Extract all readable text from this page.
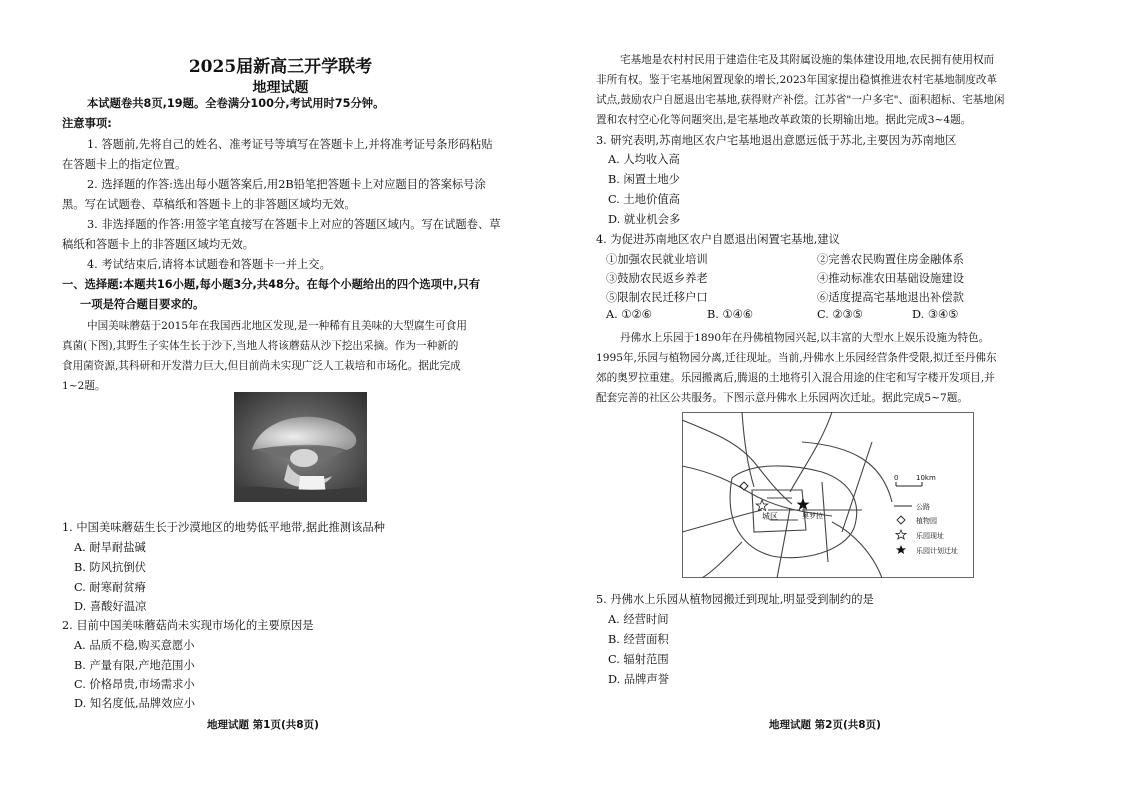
2025届新高三开学联考
地理试题
本试题卷共8页,19题。全卷满分100分,考试用时75分钟。
注意事项:
1. 答题前,先将自己的姓名、准考证号等填写在答题卡上,并将准考证号条形码粘贴
在答题卡上的指定位置。
2. 选择题的作答:选出每小题答案后,用2B铅笔把答题卡上对应题目的答案标号涂
黑。写在试题卷、草稿纸和答题卡上的非答题区域均无效。
3. 非选择题的作答:用签字笔直接写在答题卡上对应的答题区域内。写在试题卷、草
稿纸和答题卡上的非答题区域均无效。
4. 考试结束后,请将本试题卷和答题卡一并上交。
一、选择题:本题共16小题,每小题3分,共48分。在每个小题给出的四个选项中,只有
一项是符合题目要求的。
中国美味蘑菇于2015年在我国西北地区发现,是一种稀有且美味的大型腐生可食用
真菌(下图),其野生子实体生长于沙下,当地人将该蘑菇从沙下挖出采摘。作为一种新的
食用菌资源,其科研和开发潜力巨大,但目前尚未实现广泛人工栽培和市场化。据此完成
1~2题。
1. 中国美味蘑菇生长于沙漠地区的地势低平地带,据此推测该品种
A. 耐旱耐盐碱
B. 防风抗倒伏
C. 耐寒耐贫瘠
D. 喜酸好温凉
2. 目前中国美味蘑菇尚未实现市场化的主要原因是
A. 品质不稳,购买意愿小
B. 产量有限,产地范围小
C. 价格昂贵,市场需求小
D. 知名度低,品牌效应小
地理试题 第1页(共8页)
宅基地是农村村民用于建造住宅及其附属设施的集体建设用地,农民拥有使用权而
非所有权。鉴于宅基地闲置现象的增长,2023年国家提出稳慎推进农村宅基地制度改革
试点,鼓励农户自愿退出宅基地,获得财产补偿。江苏省"一户多宅"、面积超标、宅基地闲
置和农村空心化等问题突出,是宅基地改革政策的长期输出地。据此完成3~4题。
3. 研究表明,苏南地区农户宅基地退出意愿远低于苏北,主要因为苏南地区
A. 人均收入高
B. 闲置土地少
C. 土地价值高
D. 就业机会多
4. 为促进苏南地区农户自愿退出闲置宅基地,建议
①加强农民就业培训	②完善农民购置住房金融体系
③鼓励农民返乡养老	④推动标准农田基础设施建设
⑤限制农民迁移户口	⑥适度提高宅基地退出补偿款
A. ①②⑥	B. ①④⑥	C. ②③⑤	D. ③④⑤
丹佛水上乐园于1890年在丹佛植物园兴起,以丰富的大型水上娱乐设施为特色。
1995年,乐园与植物园分离,迁往现址。当前,丹佛水上乐园经营条件受限,拟迁至丹佛东
郊的奥罗拉重建。乐园搬离后,腾退的土地将引入混合用途的住宅和写字楼开发项目,并
配套完善的社区公共服务。下图示意丹佛水上乐园两次迁址。据此完成5~7题。
0	10km
城区	奥罗拉
公路
植物园
乐园现址
乐园计划迁址
5. 丹佛水上乐园从植物园搬迁到现址,明显受到制约的是
A. 经营时间
B. 经营面积
C. 辐射范围
D. 品牌声誉
地理试题 第2页(共8页)
